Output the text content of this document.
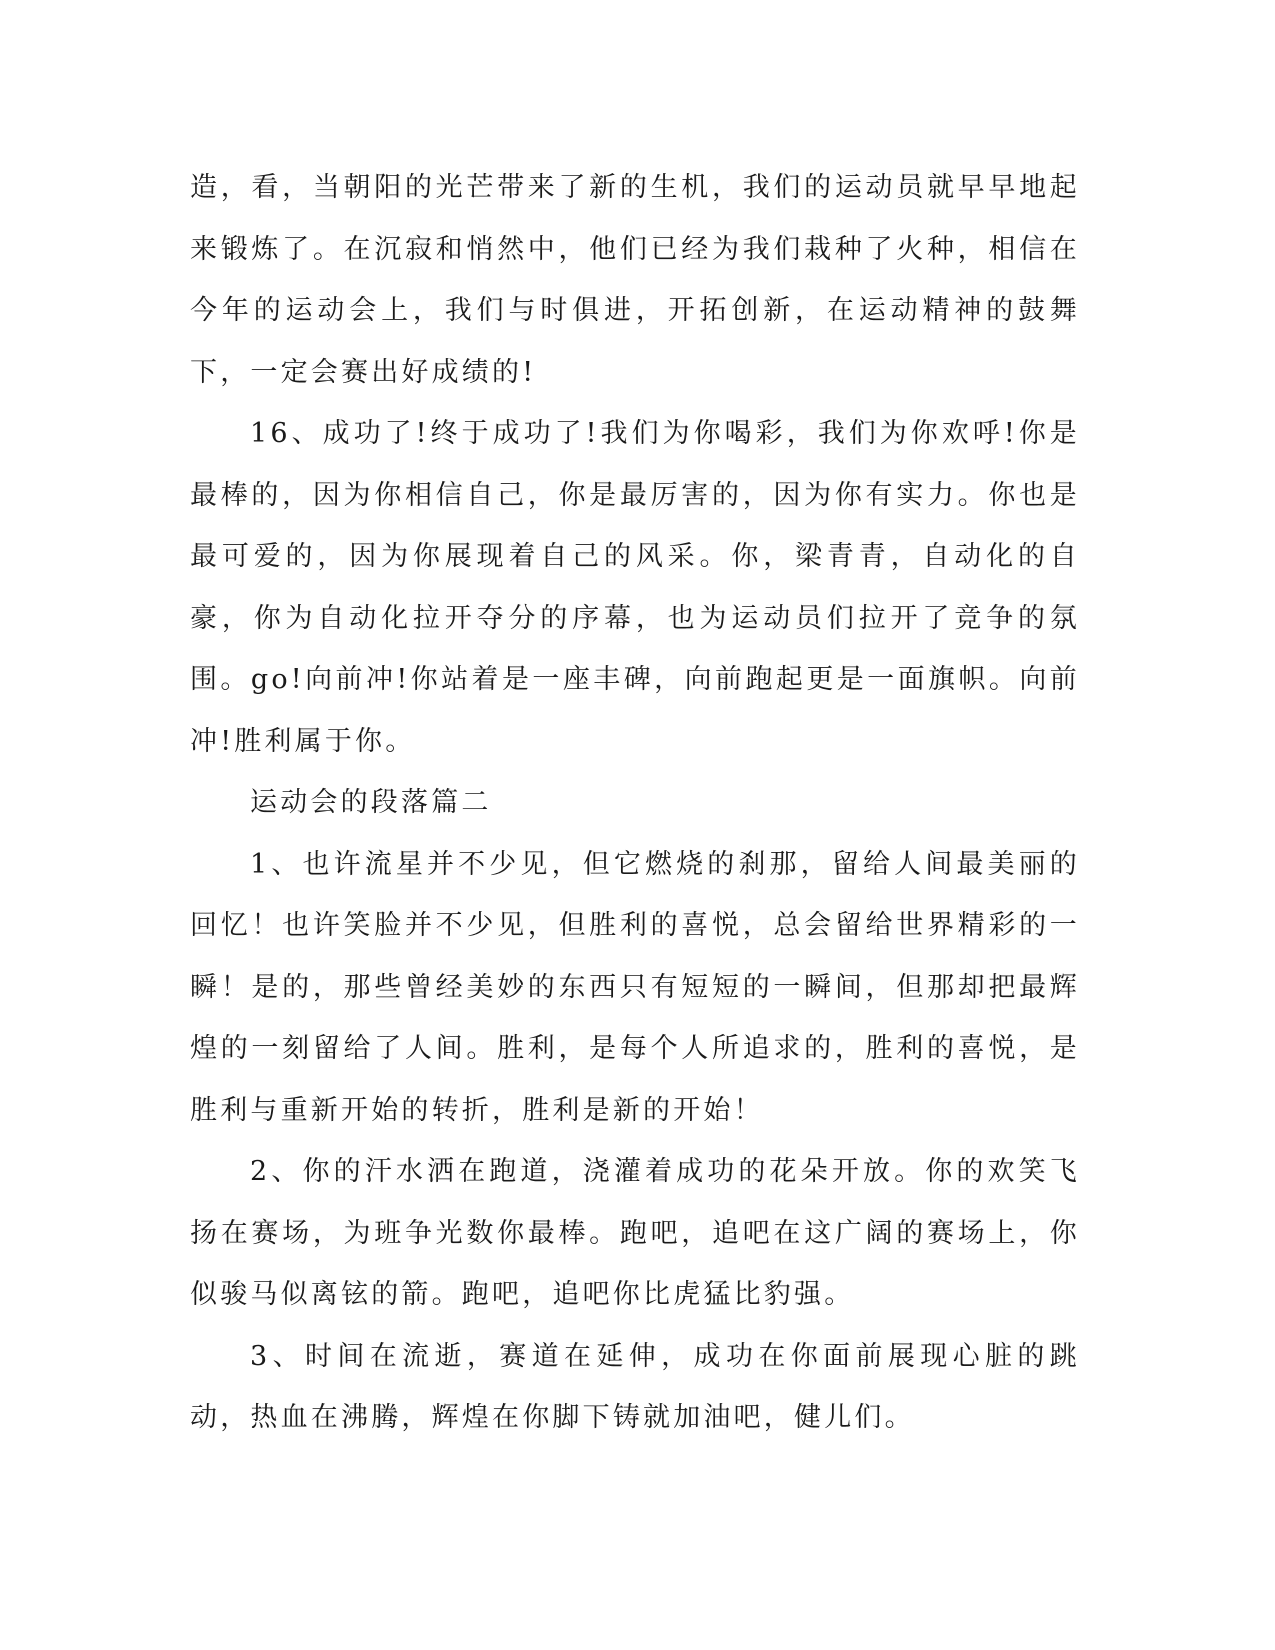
造，看，当朝阳的光芒带来了新的生机，我们的运动员就早早地起来锻炼了。在沉寂和悄然中，他们已经为我们栽种了火种，相信在今年的运动会上，我们与时俱进，开拓创新，在运动精神的鼓舞下，一定会赛出好成绩的!

16、成功了!终于成功了!我们为你喝彩，我们为你欢呼!你是最棒的，因为你相信自己，你是最厉害的，因为你有实力。你也是最可爱的，因为你展现着自己的风采。你，梁青青，自动化的自豪，你为自动化拉开夺分的序幕，也为运动员们拉开了竞争的氛围。go!向前冲!你站着是一座丰碑，向前跑起更是一面旗帜。向前冲!胜利属于你。

运动会的段落篇二

1、也许流星并不少见，但它燃烧的刹那，留给人间最美丽的回忆！也许笑脸并不少见，但胜利的喜悦，总会留给世界精彩的一瞬！是的，那些曾经美妙的东西只有短短的一瞬间，但那却把最辉煌的一刻留给了人间。胜利，是每个人所追求的，胜利的喜悦，是胜利与重新开始的转折，胜利是新的开始！

2、你的汗水洒在跑道，浇灌着成功的花朵开放。你的欢笑飞扬在赛场，为班争光数你最棒。跑吧，追吧在这广阔的赛场上，你似骏马似离铉的箭。跑吧，追吧你比虎猛比豹强。

3、时间在流逝，赛道在延伸，成功在你面前展现心脏的跳动，热血在沸腾，辉煌在你脚下铸就加油吧，健儿们。
